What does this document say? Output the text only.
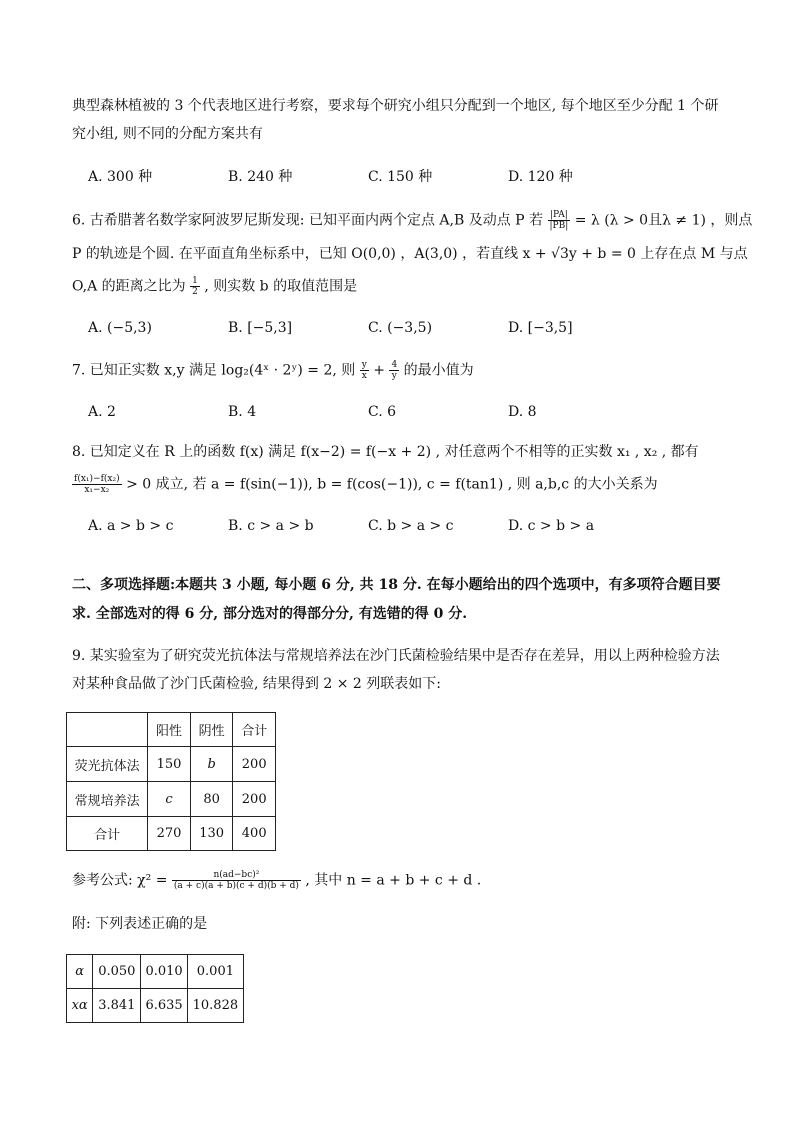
典型森林植被的 3 个代表地区进行考察，要求每个研究小组只分配到一个地区, 每个地区至少分配 1 个研
究小组, 则不同的分配方案共有
A. 300 种	B. 240 种	C. 150 种	D. 120 种
6. 古希腊著名数学家阿波罗尼斯发现: 已知平面内两个定点 A,B 及动点 P 若 $\frac{|PA|}{|PB|} = \lambda$ (λ > 0且λ ≠ 1) ，则点
P 的轨迹是个圆. 在平面直角坐标系中，已知 O(0,0) ，A(3,0) ，若直线 x + √3y + b = 0 上存在点 M 与点
O,A 的距离之比为 $\frac{1}{2}$ , 则实数 b 的取值范围是
A. (−5,3)	B. [−5,3]	C. (−3,5)	D. [−3,5]
7. 已知正实数 x,y 满足 log₂(4ˣ · 2ʸ) = 2, 则 $\frac{y}{x} + \frac{4}{y}$ 的最小值为
A. 2	B. 4	C. 6	D. 8
8. 已知定义在 R 上的函数 f(x) 满足 f(x−2) = f(−x + 2) , 对任意两个不相等的正实数 x₁ , x₂ , 都有
$\frac{\text{f(x₁)−f(x₂)}}{\text{x₁−x₂}} > 0$ 成立, 若 a = f(sin(−1)), b = f(cos(−1)), c = f(tan1) , 则 a,b,c 的大小关系为
A. a > b > c	B. c > a > b	C. b > a > c	D. c > b > a
二、多项选择题:本题共 3 小题, 每小题 6 分, 共 18 分. 在每小题给出的四个选项中，有多项符合题目要
求. 全部选对的得 6 分, 部分选对的得部分分, 有选错的得 0 分.
9. 某实验室为了研究荧光抗体法与常规培养法在沙门氏菌检验结果中是否存在差异，用以上两种检验方法
对某种食品做了沙门氏菌检验, 结果得到 2 × 2 列联表如下:
	阳性	阴性	合计
荧光抗体法	150	b	200
常规培养法	c	80	200
合计	270	130	400
参考公式: $\chi^2 = \frac{\text{n(ad−bc)²}}{(a + c)(a + b)(c + d)(b + d)}$ , 其中 n = a + b + c + d .
附: 下列表述正确的是
α	0.050	0.010	0.001
xα	3.841	6.635	10.828
